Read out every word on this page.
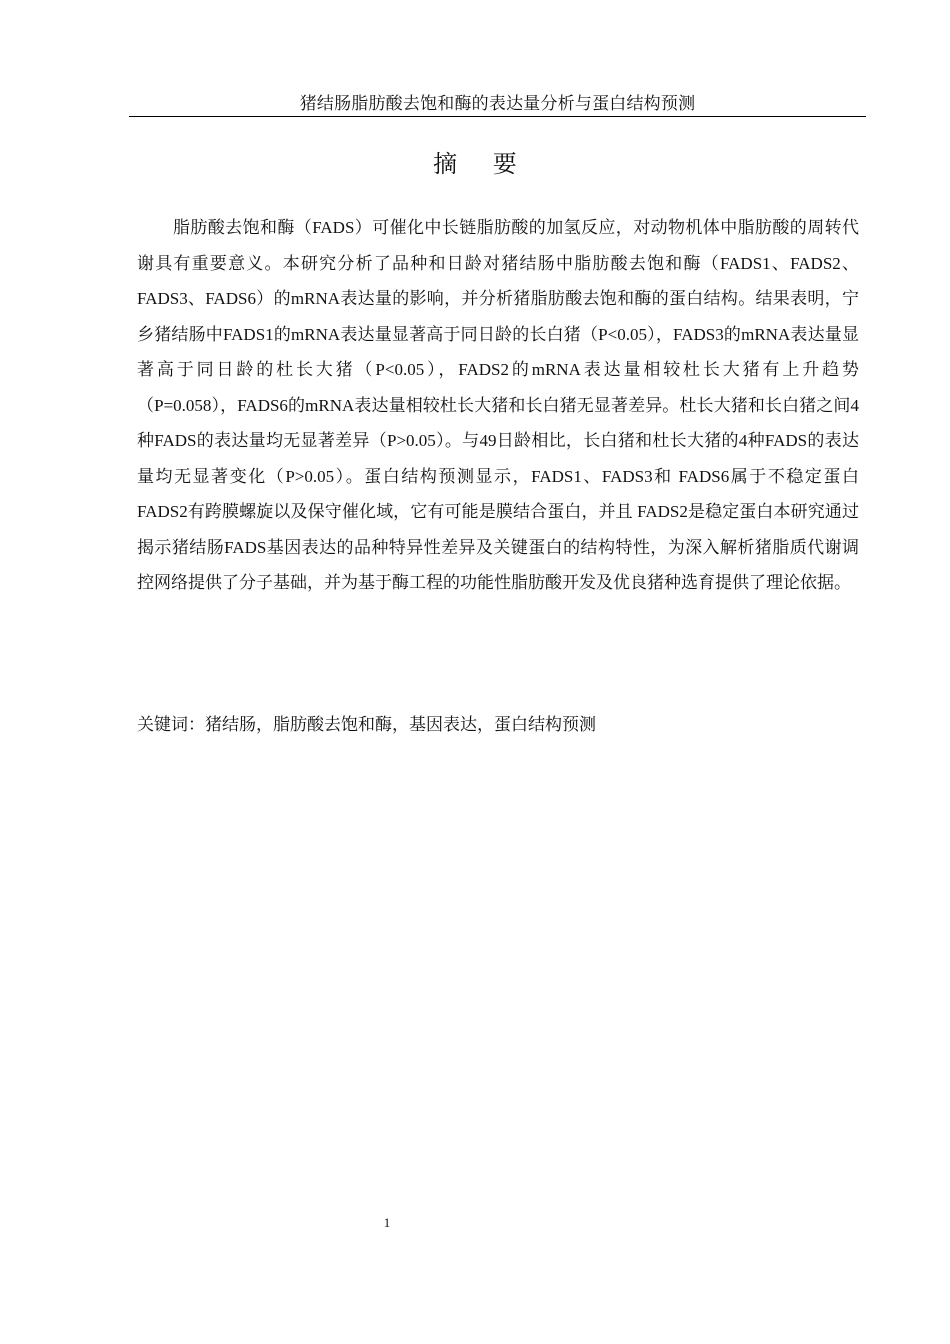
猪结肠脂肪酸去饱和酶的表达量分析与蛋白结构预测
摘 要

脂肪酸去饱和酶（FADS）可催化中长链脂肪酸的加氢反应，对动物机体中脂肪酸的周转代谢具有重要意义。本研究分析了品种和日龄对猪结肠中脂肪酸去饱和酶（FADS1、FADS2、FADS3、FADS6）的mRNA表达量的影响，并分析猪脂肪酸去饱和酶的蛋白结构。结果表明，宁乡猪结肠中FADS1的mRNA表达量显著高于同日龄的长白猪（P<0.05），FADS3的mRNA表达量显著高于同日龄的杜长大猪（P<0.05），FADS2的mRNA表达量相较杜长大猪有上升趋势（P=0.058），FADS6的mRNA表达量相较杜长大猪和长白猪无显著差异。杜长大猪和长白猪之间4种FADS的表达量均无显著差异（P>0.05）。与49日龄相比，长白猪和杜长大猪的4种FADS的表达量均无显著变化（P>0.05）。蛋白结构预测显示，FADS1、FADS3和 FADS6属于不稳定蛋白FADS2有跨膜螺旋以及保守催化域，它有可能是膜结合蛋白，并且 FADS2是稳定蛋白本研究通过揭示猪结肠FADS基因表达的品种特异性差异及关键蛋白的结构特性，为深入解析猪脂质代谢调控网络提供了分子基础，并为基于酶工程的功能性脂肪酸开发及优良猪种选育提供了理论依据。

关键词：猪结肠，脂肪酸去饱和酶，基因表达，蛋白结构预测

1
